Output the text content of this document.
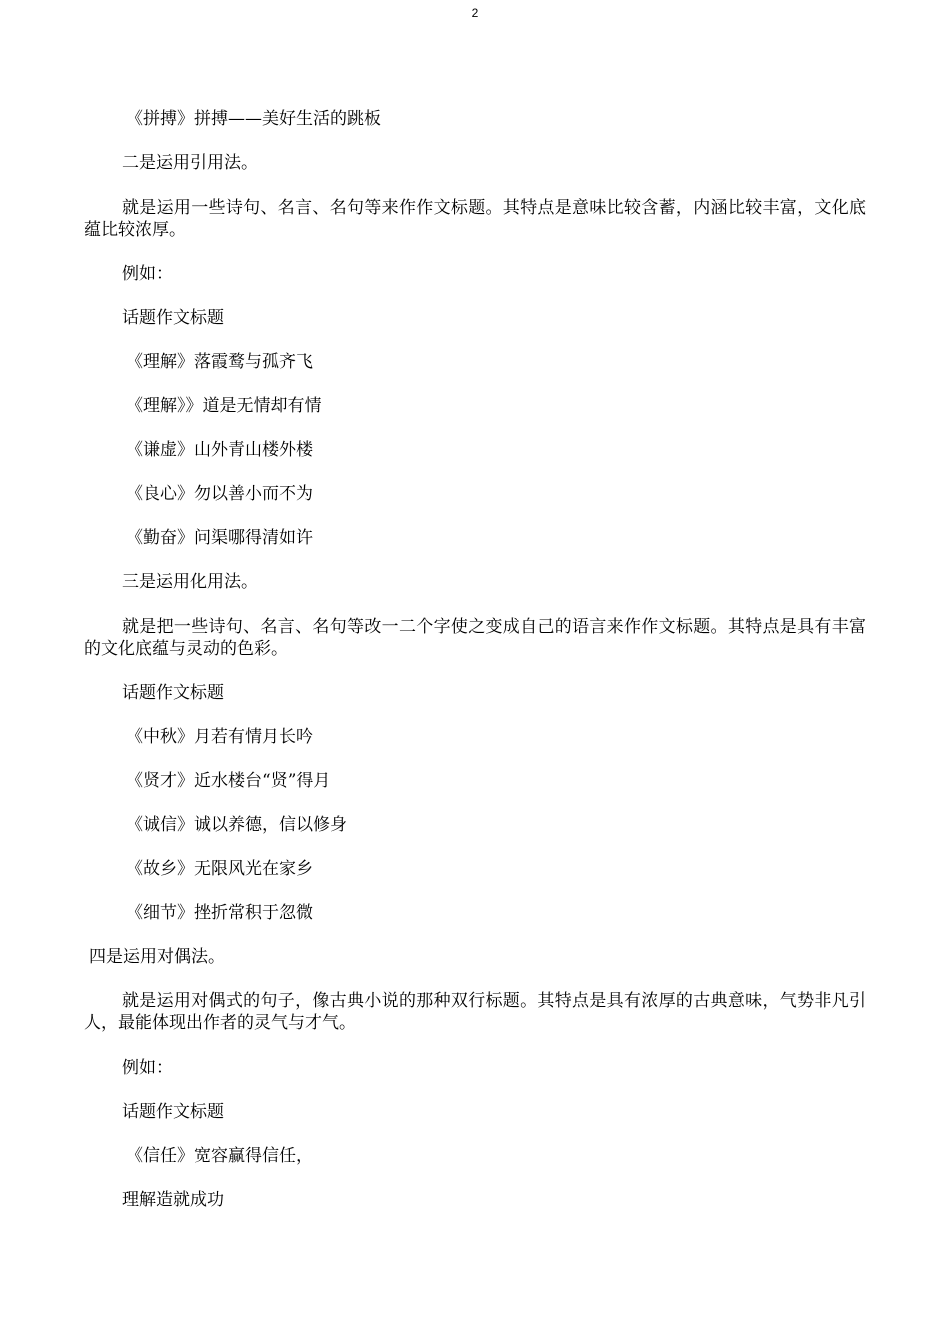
2
《拼搏》拼搏——美好生活的跳板
二是运用引用法。
就是运用一些诗句、名言、名句等来作作文标题。其特点是意味比较含蓄，内涵比较丰富，文化底蕴比较浓厚。
例如：
话题作文标题
《理解》落霞鹜与孤齐飞
《理解》》道是无情却有情
《谦虚》山外青山楼外楼
《良心》勿以善小而不为
《勤奋》问渠哪得清如许
三是运用化用法。
就是把一些诗句、名言、名句等改一二个字使之变成自己的语言来作作文标题。其特点是具有丰富的文化底蕴与灵动的色彩。
话题作文标题
《中秋》月若有情月长吟
《贤才》近水楼台“贤”得月
《诚信》诚以养德，信以修身
《故乡》无限风光在家乡
《细节》挫折常积于忽微
四是运用对偶法。
就是运用对偶式的句子，像古典小说的那种双行标题。其特点是具有浓厚的古典意味，气势非凡引人，最能体现出作者的灵气与才气。
例如：
话题作文标题
《信任》宽容赢得信任，
理解造就成功
